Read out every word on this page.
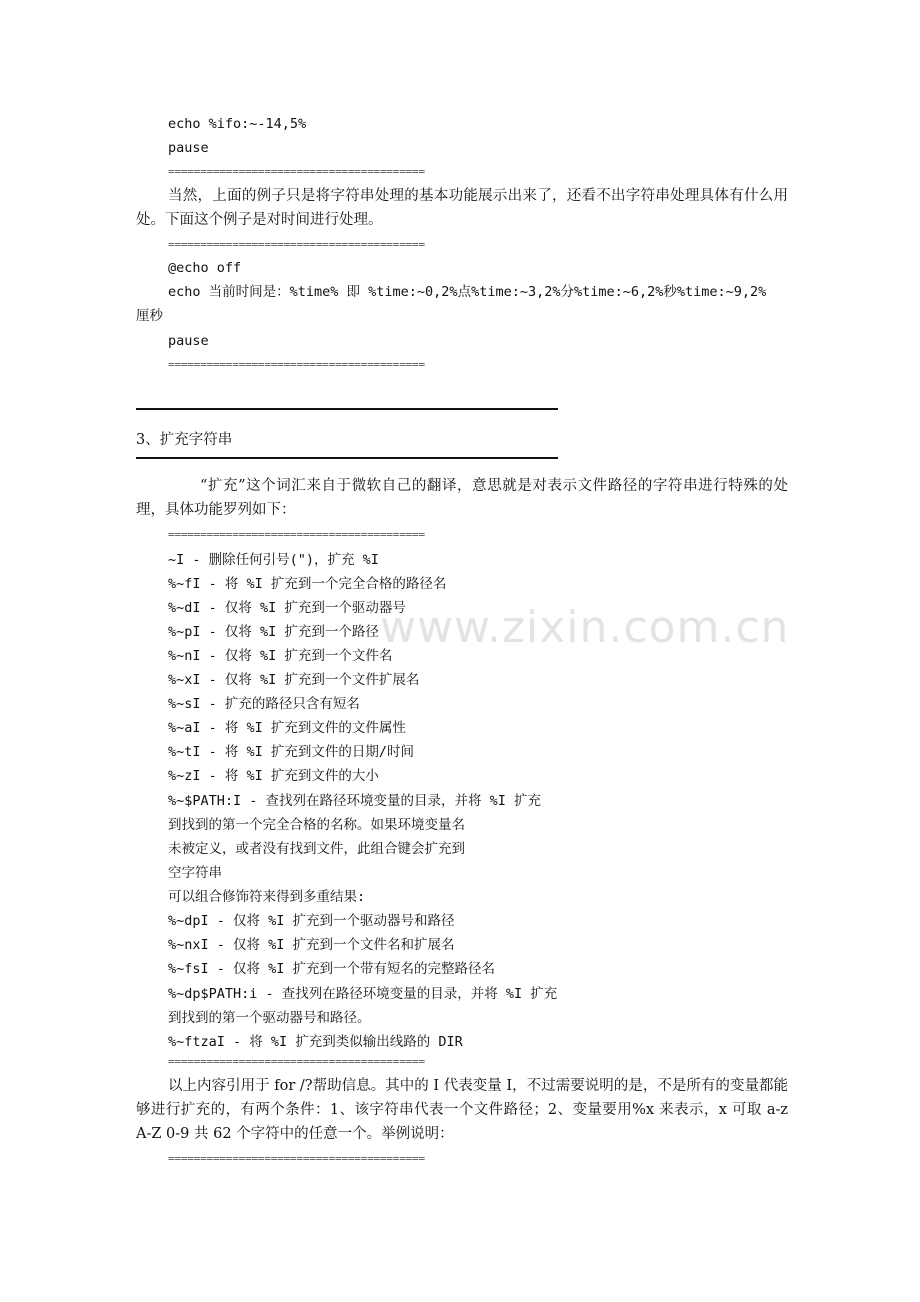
echo %ifo:~-14,5%
pause
========================================
当然，上面的例子只是将字符串处理的基本功能展示出来了，还看不出字符串处理具体有什么用处。下面这个例子是对时间进行处理。
========================================
@echo off
echo 当前时间是：%time% 即 %time:~0,2%点%time:~3,2%分%time:~6,2%秒%time:~9,2%
厘秒
pause
========================================
3、扩充字符串
“扩充”这个词汇来自于微软自己的翻译，意思就是对表示文件路径的字符串进行特殊的处理，具体功能罗列如下：
========================================
~I - 删除任何引号(")，扩充 %I
%~fI - 将 %I 扩充到一个完全合格的路径名
%~dI - 仅将 %I 扩充到一个驱动器号
%~pI - 仅将 %I 扩充到一个路径
%~nI - 仅将 %I 扩充到一个文件名
%~xI - 仅将 %I 扩充到一个文件扩展名
%~sI - 扩充的路径只含有短名
%~aI - 将 %I 扩充到文件的文件属性
%~tI - 将 %I 扩充到文件的日期/时间
%~zI - 将 %I 扩充到文件的大小
%~$PATH:I - 查找列在路径环境变量的目录，并将 %I 扩充
到找到的第一个完全合格的名称。如果环境变量名
未被定义，或者没有找到文件，此组合键会扩充到
空字符串
可以组合修饰符来得到多重结果:
%~dpI - 仅将 %I 扩充到一个驱动器号和路径
%~nxI - 仅将 %I 扩充到一个文件名和扩展名
%~fsI - 仅将 %I 扩充到一个带有短名的完整路径名
%~dp$PATH:i - 查找列在路径环境变量的目录，并将 %I 扩充
到找到的第一个驱动器号和路径。
%~ftzaI - 将 %I 扩充到类似输出线路的 DIR
========================================
以上内容引用于 for /?帮助信息。其中的 I 代表变量 I，不过需要说明的是，不是所有的变量都能够进行扩充的，有两个条件：1、该字符串代表一个文件路径；2、变量要用%x 来表示，x 可取 a-z A-Z 0-9 共 62 个字符中的任意一个。举例说明：
========================================
www.zixin.com.cn
